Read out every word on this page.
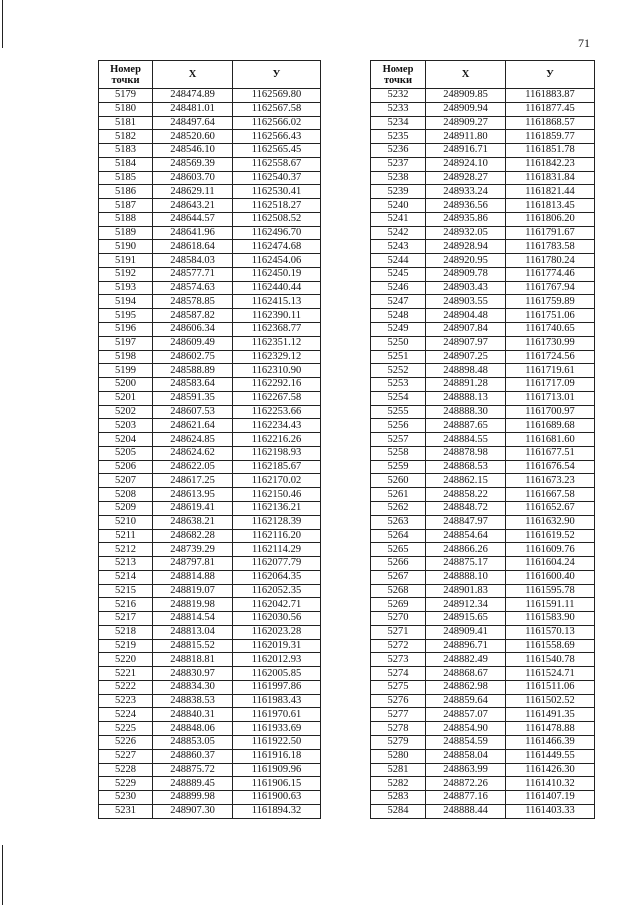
71
Номер
точки	X	У
5179	248474.89	1162569.80
5180	248481.01	1162567.58
5181	248497.64	1162566.02
5182	248520.60	1162566.43
5183	248546.10	1162565.45
5184	248569.39	1162558.67
5185	248603.70	1162540.37
5186	248629.11	1162530.41
5187	248643.21	1162518.27
5188	248644.57	1162508.52
5189	248641.96	1162496.70
5190	248618.64	1162474.68
5191	248584.03	1162454.06
5192	248577.71	1162450.19
5193	248574.63	1162440.44
5194	248578.85	1162415.13
5195	248587.82	1162390.11
5196	248606.34	1162368.77
5197	248609.49	1162351.12
5198	248602.75	1162329.12
5199	248588.89	1162310.90
5200	248583.64	1162292.16
5201	248591.35	1162267.58
5202	248607.53	1162253.66
5203	248621.64	1162234.43
5204	248624.85	1162216.26
5205	248624.62	1162198.93
5206	248622.05	1162185.67
5207	248617.25	1162170.02
5208	248613.95	1162150.46
5209	248619.41	1162136.21
5210	248638.21	1162128.39
5211	248682.28	1162116.20
5212	248739.29	1162114.29
5213	248797.81	1162077.79
5214	248814.88	1162064.35
5215	248819.07	1162052.35
5216	248819.98	1162042.71
5217	248814.54	1162030.56
5218	248813.04	1162023.28
5219	248815.52	1162019.31
5220	248818.81	1162012.93
5221	248830.97	1162005.85
5222	248834.30	1161997.86
5223	248838.53	1161983.43
5224	248840.31	1161970.61
5225	248848.06	1161933.69
5226	248853.05	1161922.50
5227	248860.37	1161916.18
5228	248875.72	1161909.96
5229	248889.45	1161906.15
5230	248899.98	1161900.63
5231	248907.30	1161894.32
Номер
точки	X	У
5232	248909.85	1161883.87
5233	248909.94	1161877.45
5234	248909.27	1161868.57
5235	248911.80	1161859.77
5236	248916.71	1161851.78
5237	248924.10	1161842.23
5238	248928.27	1161831.84
5239	248933.24	1161821.44
5240	248936.56	1161813.45
5241	248935.86	1161806.20
5242	248932.05	1161791.67
5243	248928.94	1161783.58
5244	248920.95	1161780.24
5245	248909.78	1161774.46
5246	248903.43	1161767.94
5247	248903.55	1161759.89
5248	248904.48	1161751.06
5249	248907.84	1161740.65
5250	248907.97	1161730.99
5251	248907.25	1161724.56
5252	248898.48	1161719.61
5253	248891.28	1161717.09
5254	248888.13	1161713.01
5255	248888.30	1161700.97
5256	248887.65	1161689.68
5257	248884.55	1161681.60
5258	248878.98	1161677.51
5259	248868.53	1161676.54
5260	248862.15	1161673.23
5261	248858.22	1161667.58
5262	248848.72	1161652.67
5263	248847.97	1161632.90
5264	248854.64	1161619.52
5265	248866.26	1161609.76
5266	248875.17	1161604.24
5267	248888.10	1161600.40
5268	248901.83	1161595.78
5269	248912.34	1161591.11
5270	248915.65	1161583.90
5271	248909.41	1161570.13
5272	248896.71	1161558.69
5273	248882.49	1161540.78
5274	248868.67	1161524.71
5275	248862.98	1161511.06
5276	248859.64	1161502.52
5277	248857.07	1161491.35
5278	248854.90	1161478.88
5279	248854.59	1161466.39
5280	248858.04	1161449.55
5281	248863.99	1161426.30
5282	248872.26	1161410.32
5283	248877.16	1161407.19
5284	248888.44	1161403.33
